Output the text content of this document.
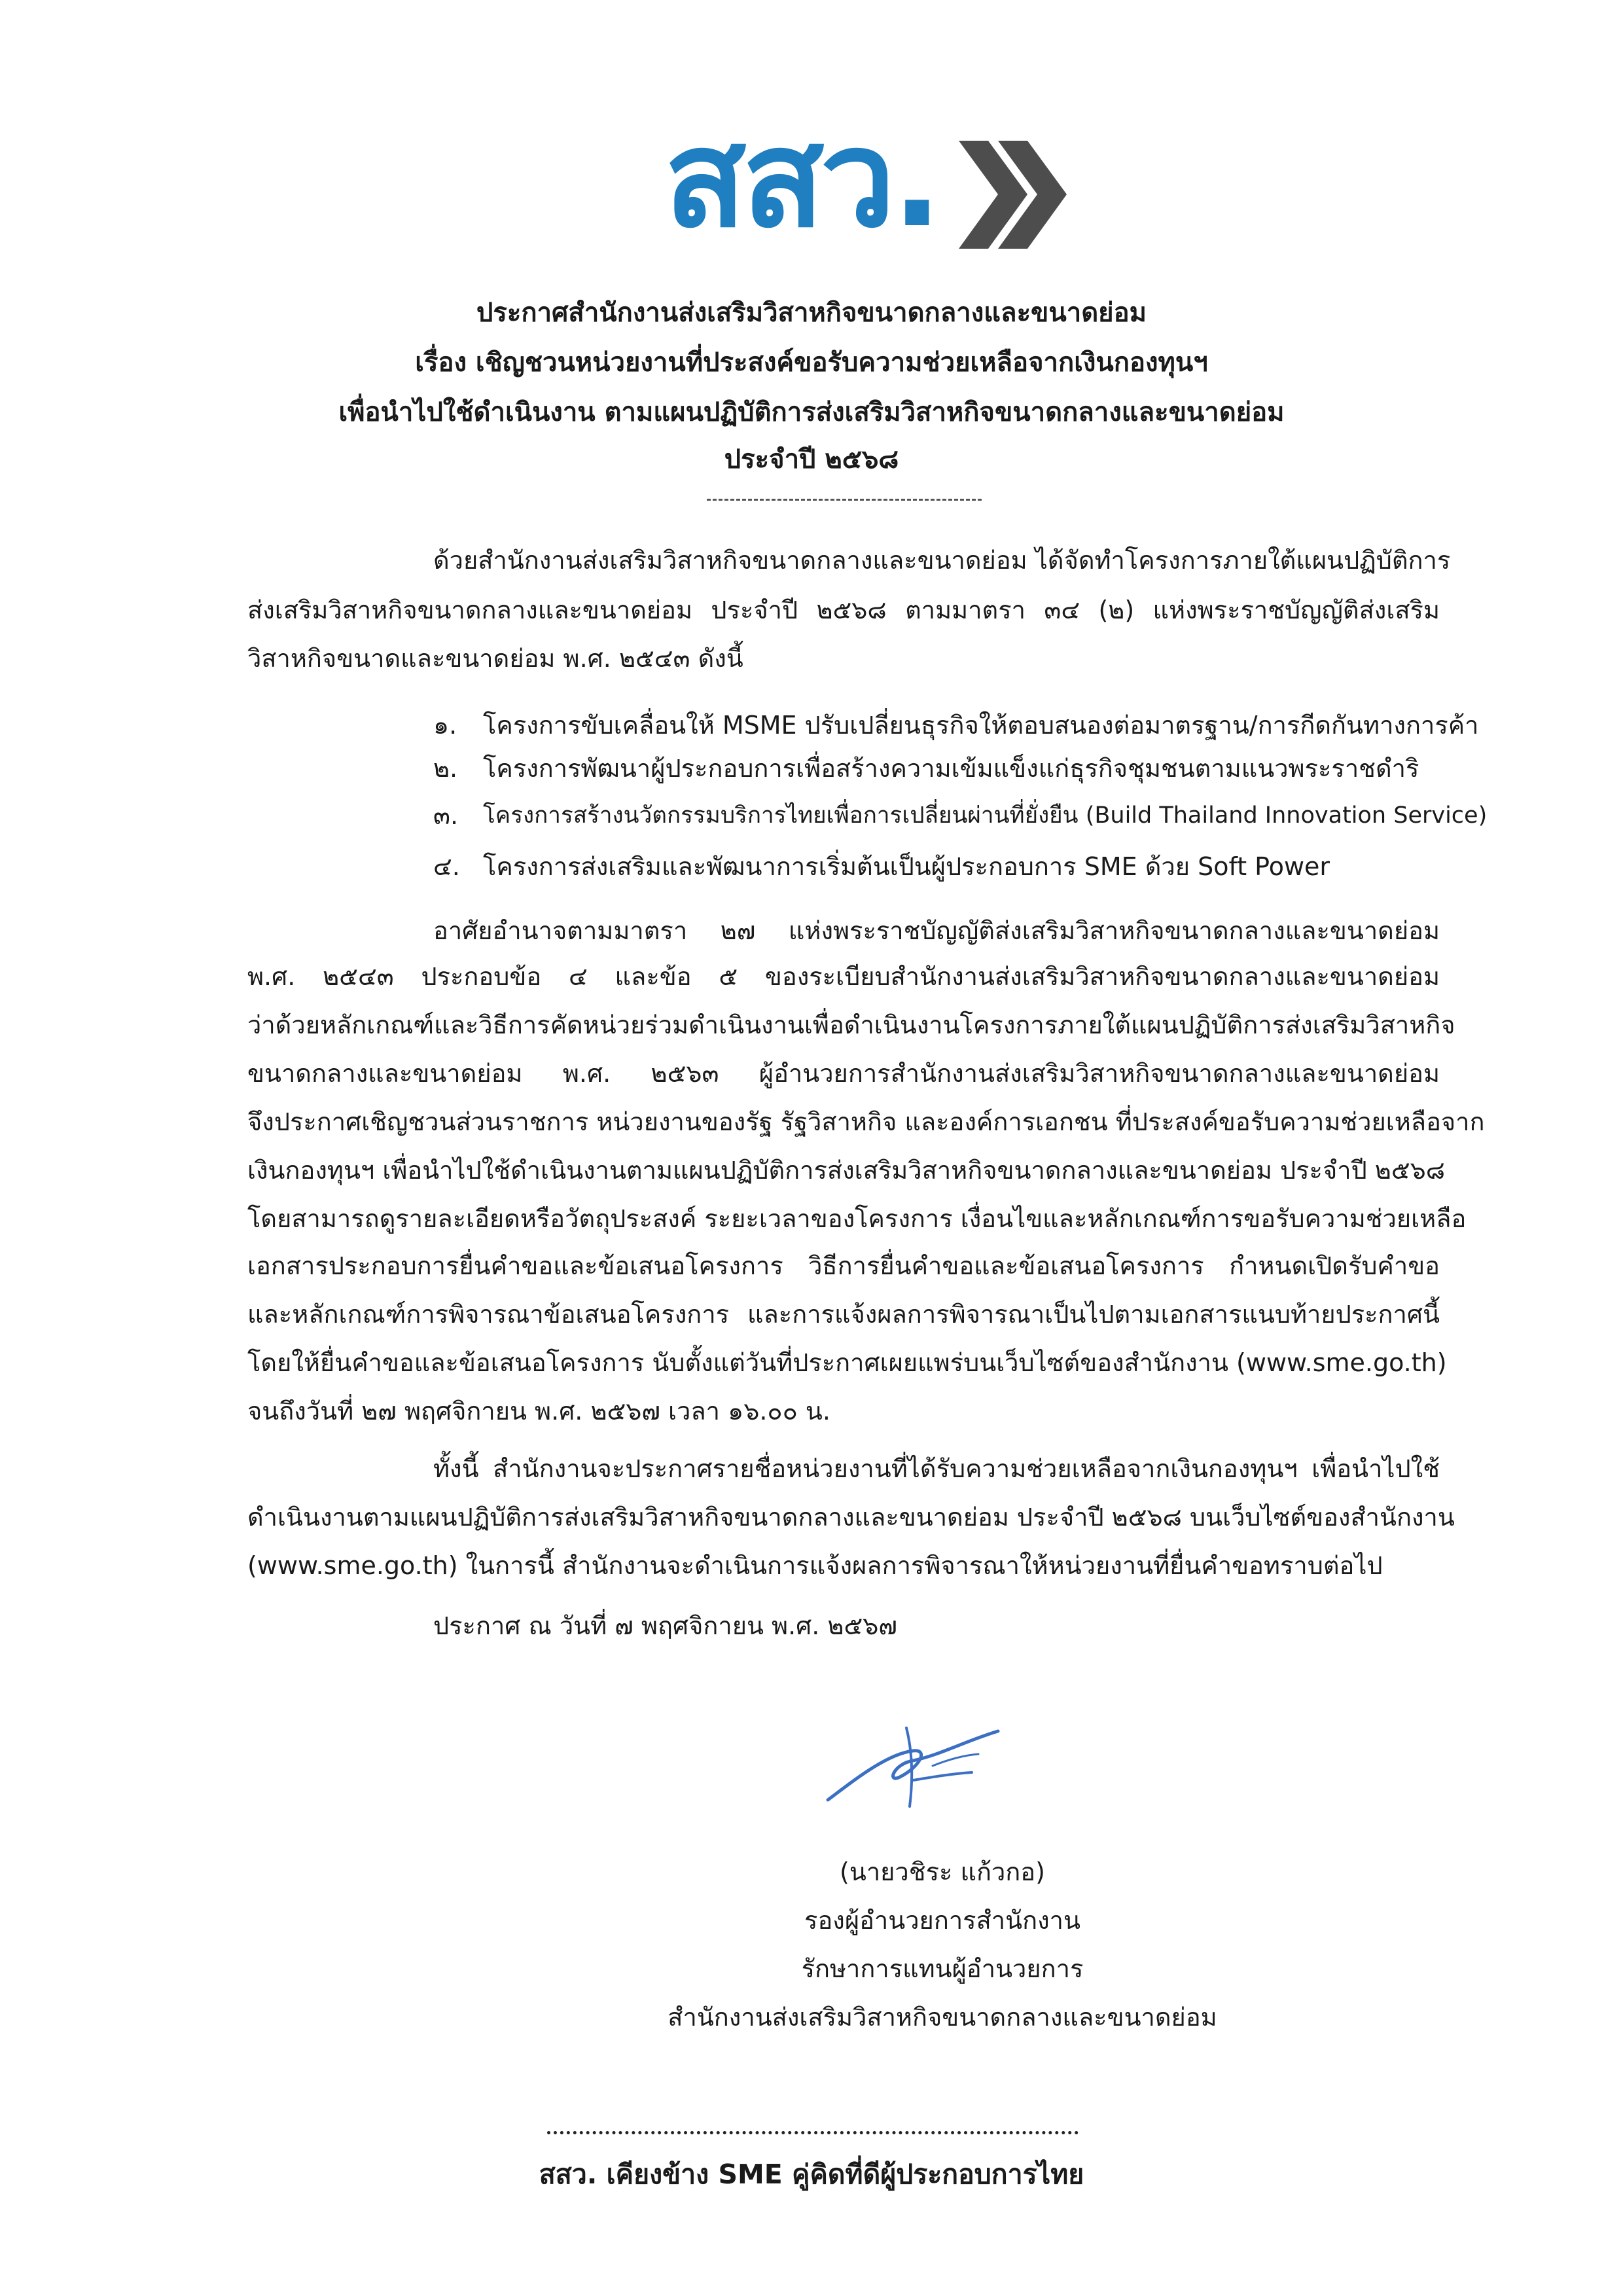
สสว.
ประกาศสำนักงานส่งเสริมวิสาหกิจขนาดกลางและขนาดย่อม
เรื่อง เชิญชวนหน่วยงานที่ประสงค์ขอรับความช่วยเหลือจากเงินกองทุนฯ
เพื่อนำไปใช้ดำเนินงาน ตามแผนปฏิบัติการส่งเสริมวิสาหกิจขนาดกลางและขนาดย่อม
ประจำปี ๒๕๖๘
ด้วยสำนักงานส่งเสริมวิสาหกิจขนาดกลางและขนาดย่อม ได้จัดทำโครงการภายใต้แผนปฏิบัติการ
ส่งเสริมวิสาหกิจขนาดกลางและขนาดย่อม ประจำปี ๒๕๖๘ ตามมาตรา ๓๔ (๒) แห่งพระราชบัญญัติส่งเสริม
วิสาหกิจขนาดและขนาดย่อม พ.ศ. ๒๕๔๓ ดังนี้
๑. โครงการขับเคลื่อนให้ MSME ปรับเปลี่ยนธุรกิจให้ตอบสนองต่อมาตรฐาน/การกีดกันทางการค้า
๒. โครงการพัฒนาผู้ประกอบการเพื่อสร้างความเข้มแข็งแก่ธุรกิจชุมชนตามแนวพระราชดำริ
๓. โครงการสร้างนวัตกรรมบริการไทยเพื่อการเปลี่ยนผ่านที่ยั่งยืน (Build Thailand Innovation Service)
๔. โครงการส่งเสริมและพัฒนาการเริ่มต้นเป็นผู้ประกอบการ SME ด้วย Soft Power
อาศัยอำนาจตามมาตรา ๒๗ แห่งพระราชบัญญัติส่งเสริมวิสาหกิจขนาดกลางและขนาดย่อม
พ.ศ. ๒๕๔๓ ประกอบข้อ ๔ และข้อ ๕ ของระเบียบสำนักงานส่งเสริมวิสาหกิจขนาดกลางและขนาดย่อม
ว่าด้วยหลักเกณฑ์และวิธีการคัดหน่วยร่วมดำเนินงานเพื่อดำเนินงานโครงการภายใต้แผนปฏิบัติการส่งเสริมวิสาหกิจ
ขนาดกลางและขนาดย่อม พ.ศ. ๒๕๖๓ ผู้อำนวยการสำนักงานส่งเสริมวิสาหกิจขนาดกลางและขนาดย่อม
จึงประกาศเชิญชวนส่วนราชการ หน่วยงานของรัฐ รัฐวิสาหกิจ และองค์การเอกชน ที่ประสงค์ขอรับความช่วยเหลือจาก
เงินกองทุนฯ เพื่อนำไปใช้ดำเนินงานตามแผนปฏิบัติการส่งเสริมวิสาหกิจขนาดกลางและขนาดย่อม ประจำปี ๒๕๖๘
โดยสามารถดูรายละเอียดหรือวัตถุประสงค์ ระยะเวลาของโครงการ เงื่อนไขและหลักเกณฑ์การขอรับความช่วยเหลือ
เอกสารประกอบการยื่นคำขอและข้อเสนอโครงการ วิธีการยื่นคำขอและข้อเสนอโครงการ กำหนดเปิดรับคำขอ
และหลักเกณฑ์การพิจารณาข้อเสนอโครงการ และการแจ้งผลการพิจารณาเป็นไปตามเอกสารแนบท้ายประกาศนี้
โดยให้ยื่นคำขอและข้อเสนอโครงการ นับตั้งแต่วันที่ประกาศเผยแพร่บนเว็บไซต์ของสำนักงาน (www.sme.go.th)
จนถึงวันที่ ๒๗ พฤศจิกายน พ.ศ. ๒๕๖๗ เวลา ๑๖.๐๐ น.
ทั้งนี้ สำนักงานจะประกาศรายชื่อหน่วยงานที่ได้รับความช่วยเหลือจากเงินกองทุนฯ เพื่อนำไปใช้
ดำเนินงานตามแผนปฏิบัติการส่งเสริมวิสาหกิจขนาดกลางและขนาดย่อม ประจำปี ๒๕๖๘ บนเว็บไซต์ของสำนักงาน
(www.sme.go.th) ในการนี้ สำนักงานจะดำเนินการแจ้งผลการพิจารณาให้หน่วยงานที่ยื่นคำขอทราบต่อไป
ประกาศ ณ วันที่ ๗ พฤศจิกายน พ.ศ. ๒๕๖๗
(นายวชิระ แก้วกอ)
รองผู้อำนวยการสำนักงาน
รักษาการแทนผู้อำนวยการ
สำนักงานส่งเสริมวิสาหกิจขนาดกลางและขนาดย่อม
สสว. เคียงข้าง SME คู่คิดที่ดีผู้ประกอบการไทย
